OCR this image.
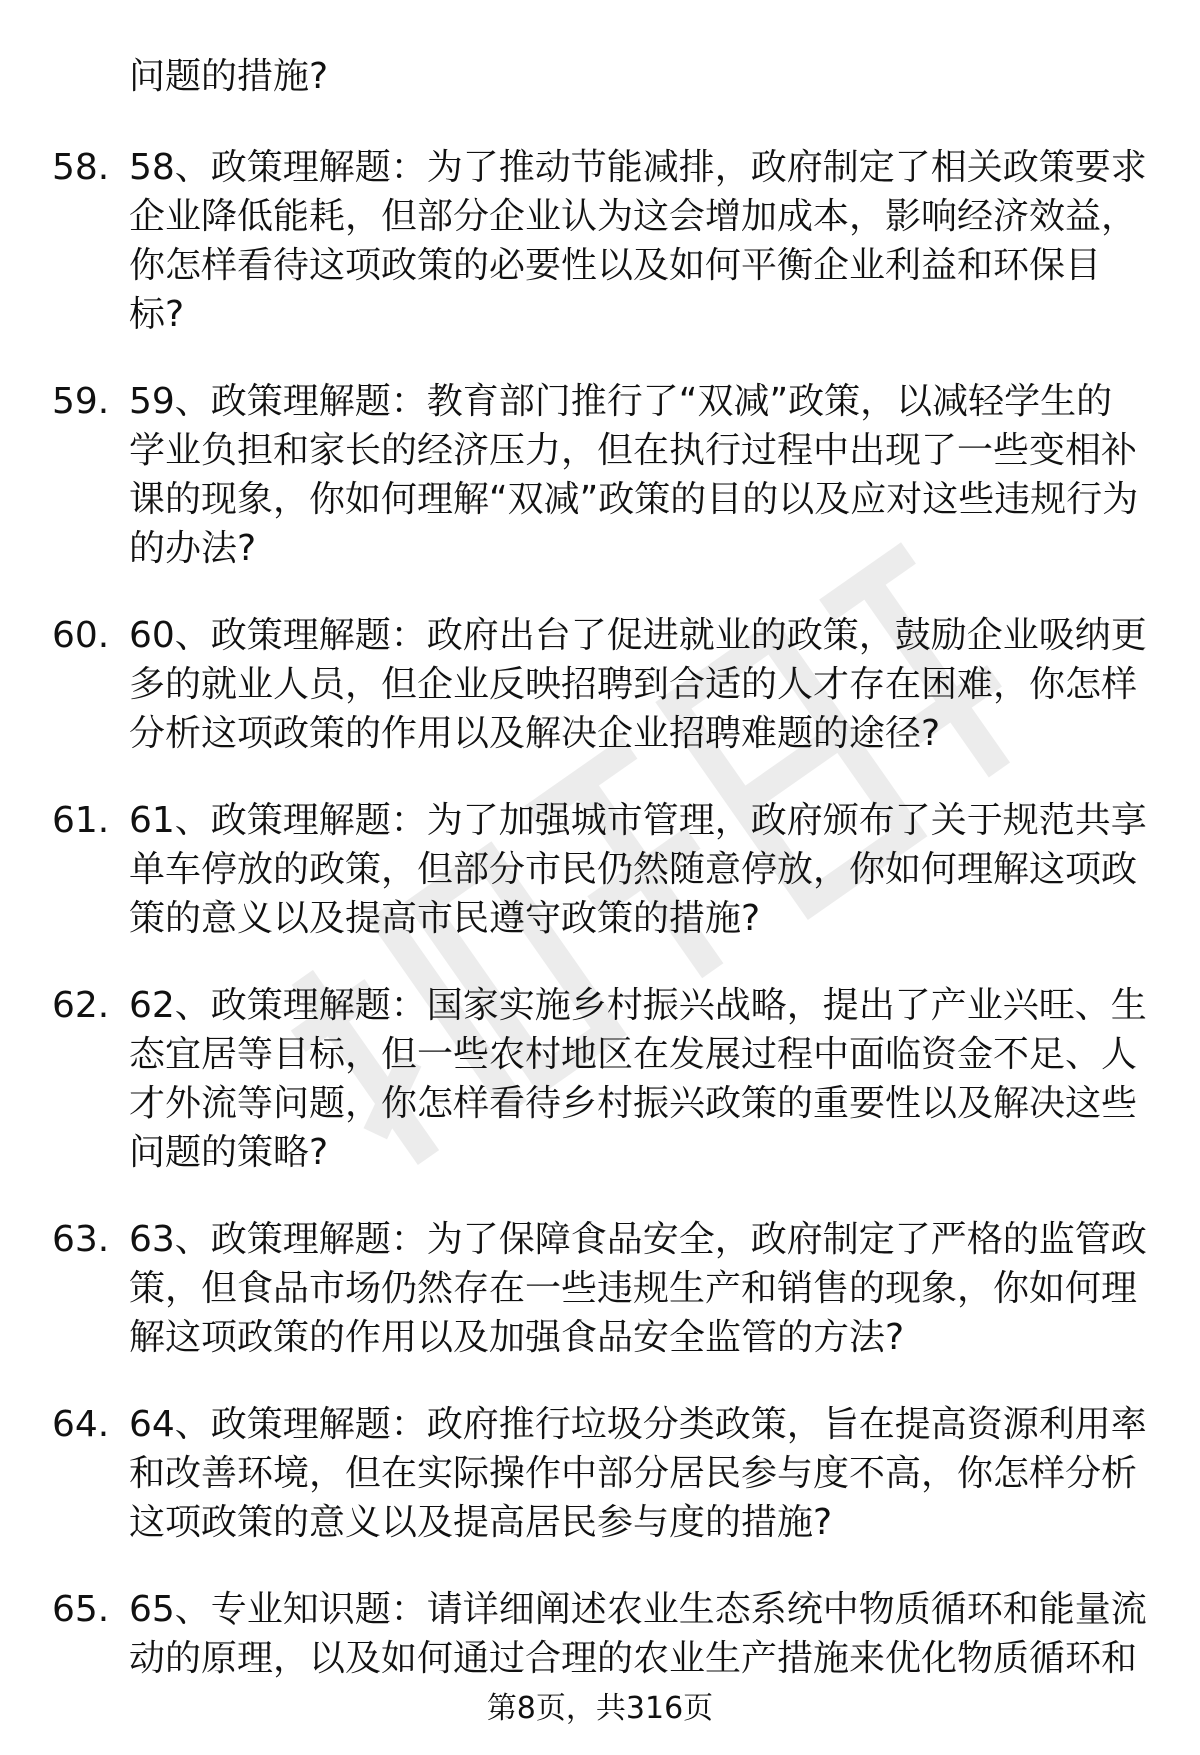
问题的措施?
58. 58、政策理解题：为了推动节能减排，政府制定了相关政策要求企业降低能耗，但部分企业认为这会增加成本，影响经济效益，你怎样看待这项政策的必要性以及如何平衡企业利益和环保目标?
59. 59、政策理解题：教育部门推行了“双减”政策，以减轻学生的学业负担和家长的经济压力，但在执行过程中出现了一些变相补课的现象，你如何理解“双减”政策的目的以及应对这些违规行为的办法?
60. 60、政策理解题：政府出台了促进就业的政策，鼓励企业吸纳更多的就业人员，但企业反映招聘到合适的人才存在困难，你怎样分析这项政策的作用以及解决企业招聘难题的途径?
61. 61、政策理解题：为了加强城市管理，政府颁布了关于规范共享单车停放的政策，但部分市民仍然随意停放，你如何理解这项政策的意义以及提高市民遵守政策的措施?
62. 62、政策理解题：国家实施乡村振兴战略，提出了产业兴旺、生态宜居等目标，但一些农村地区在发展过程中面临资金不足、人才外流等问题，你怎样看待乡村振兴政策的重要性以及解决这些问题的策略?
63. 63、政策理解题：为了保障食品安全，政府制定了严格的监管政策，但食品市场仍然存在一些违规生产和销售的现象，你如何理解这项政策的作用以及加强食品安全监管的方法?
64. 64、政策理解题：政府推行垃圾分类政策，旨在提高资源利用率和改善环境，但在实际操作中部分居民参与度不高，你怎样分析这项政策的意义以及提高居民参与度的措施?
65. 65、专业知识题：请详细阐述农业生态系统中物质循环和能量流动的原理，以及如何通过合理的农业生产措施来优化物质循环和
第8页，共316页
